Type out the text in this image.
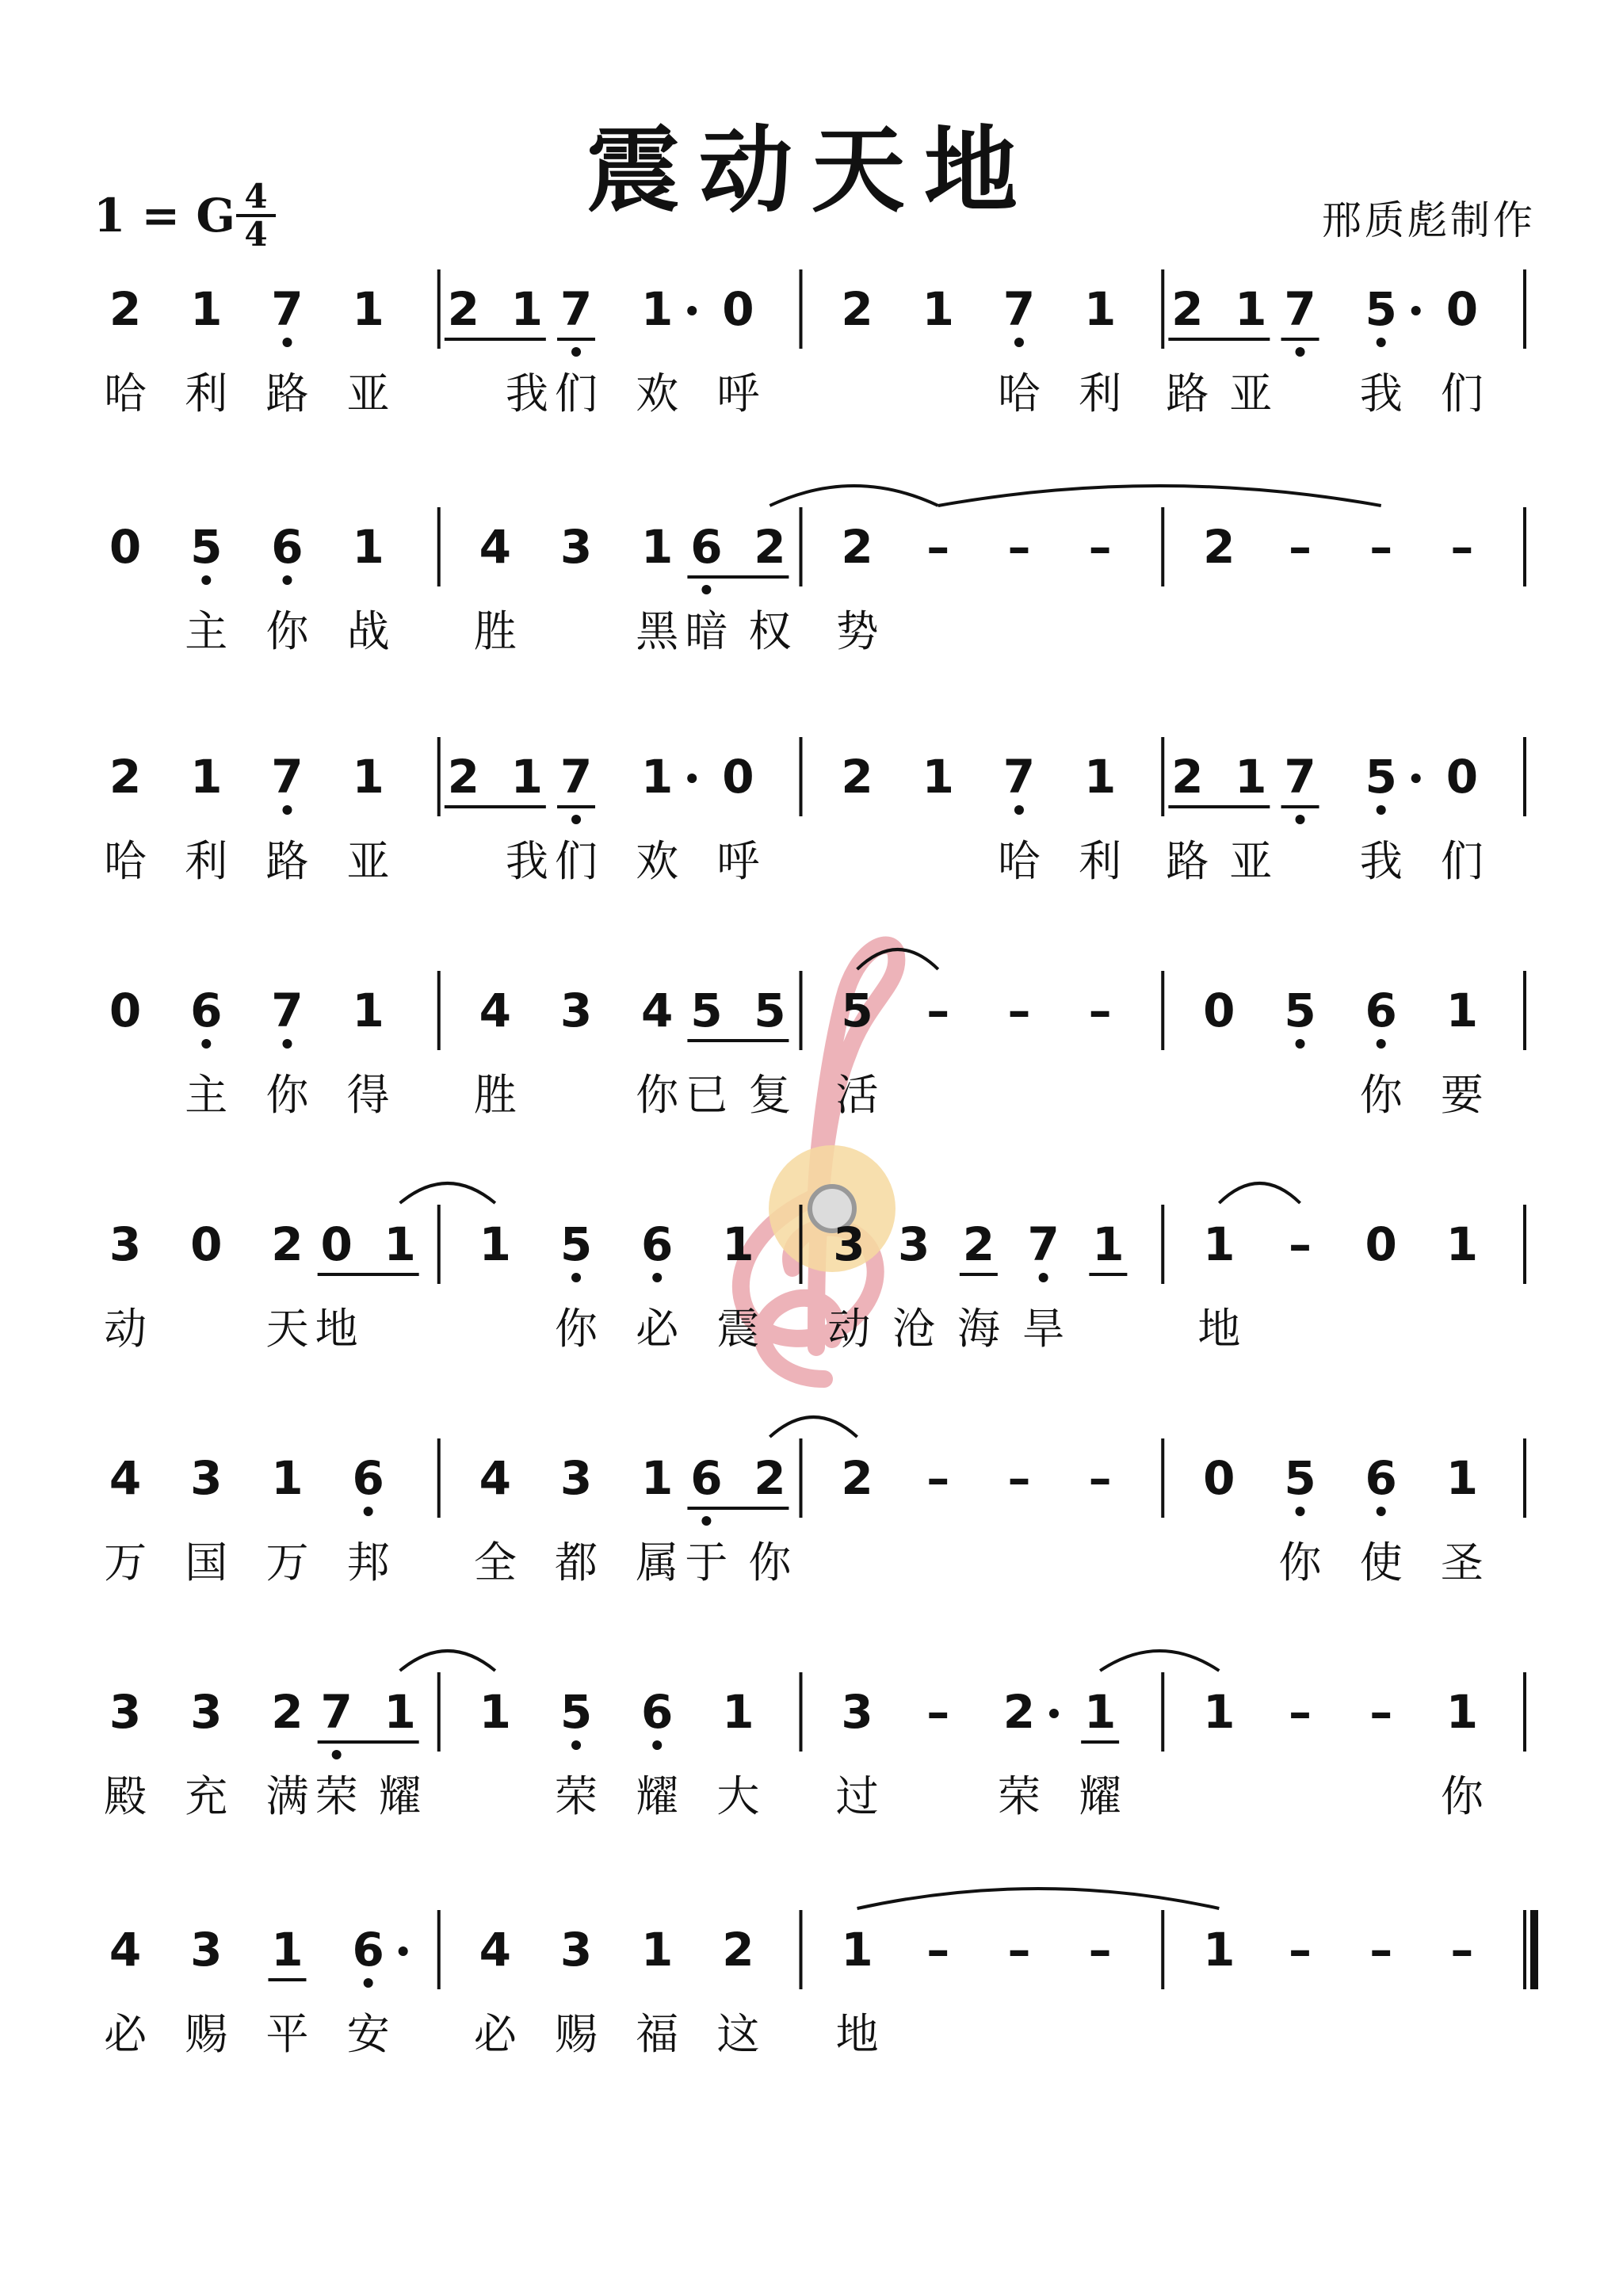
震动天地
1 = G 4
4	邢质彪制作
2 1 7 1 2 1 7 1 0 2 1 7 1 2 1 7 5 0
哈 利 路 亚	我 们 欢 呼	哈 利 路 亚 我 们
0 5 6 1 4 3 1 6 2 2 – – – 2 – – –
主 你 战 胜	黑 暗 权 势
2 1 7 1 2 1 7 1 0 2 1 7 1 2 1 7 5 0
哈 利 路 亚	我 们 欢 呼	哈 利 路 亚 我 们
0 6 7 1 4 3 4 5 5 5 – – – 0 5 6 1
主 你 得 胜	你 已 复 活	你 要
3 0 2 0 1 1 5 6 1 3 3 2 7 1 1 – 0 1
动	天 地	你 必 震 动 沧 海 旱	地
4 3 1 6 4 3 1 6 2 2 – – – 0 5 6 1
万 国 万 邦 全 都 属 于 你	你 使 圣
3 3 2 7 1 1 5 6 1 3 – 2 1 1 – – 1
殿 充 满 荣 耀	荣 耀 大 过	荣 耀	你
4 3 1 6 4 3 1 2 1 – – – 1 – – –
必 赐 平 安 必 赐 福 这 地
